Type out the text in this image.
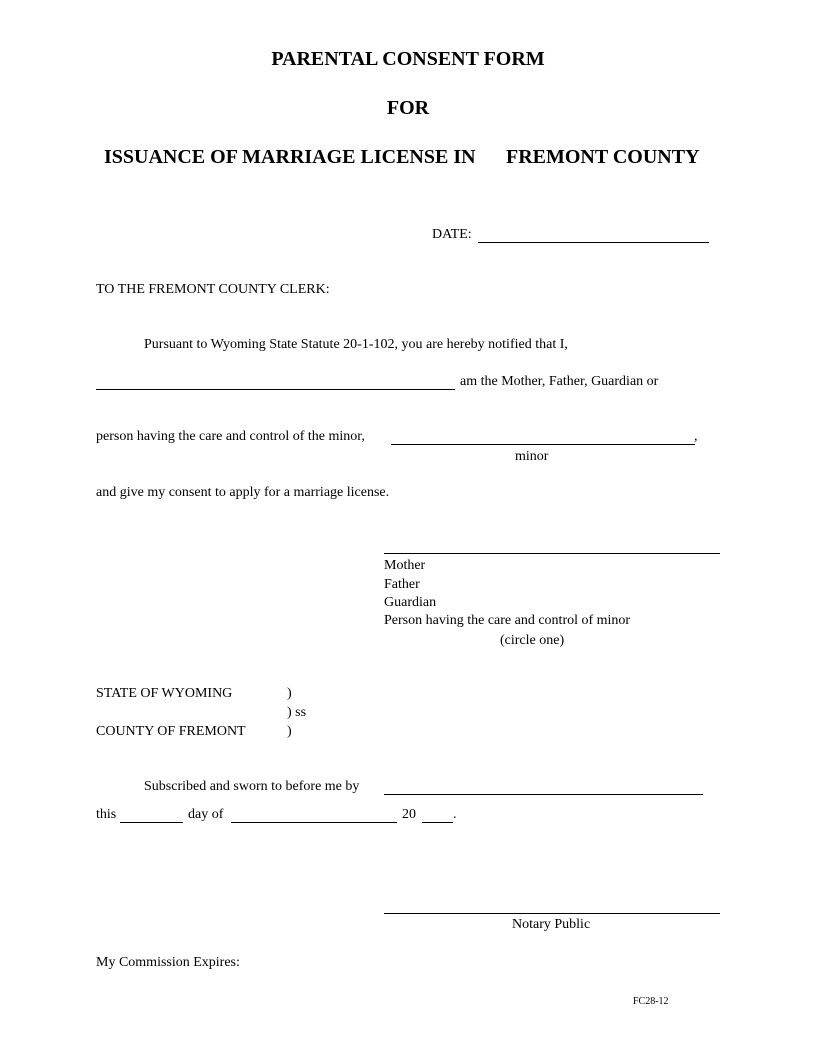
PARENTAL CONSENT FORM
FOR
ISSUANCE OF MARRIAGE LICENSE IN FREMONT COUNTY
DATE:
TO THE FREMONT COUNTY CLERK:
Pursuant to Wyoming State Statute 20-1-102, you are hereby notified that I,
am the Mother, Father, Guardian or
person having the care and control of the minor,	,
minor
and give my consent to apply for a marriage license.
Mother
Father
Guardian
Person having the care and control of minor
(circle one)
STATE OF WYOMING	)
) ss
COUNTY OF FREMONT	)
Subscribed and sworn to before me by
this	day of	20	.
Notary Public
My Commission Expires:
FC28-12
